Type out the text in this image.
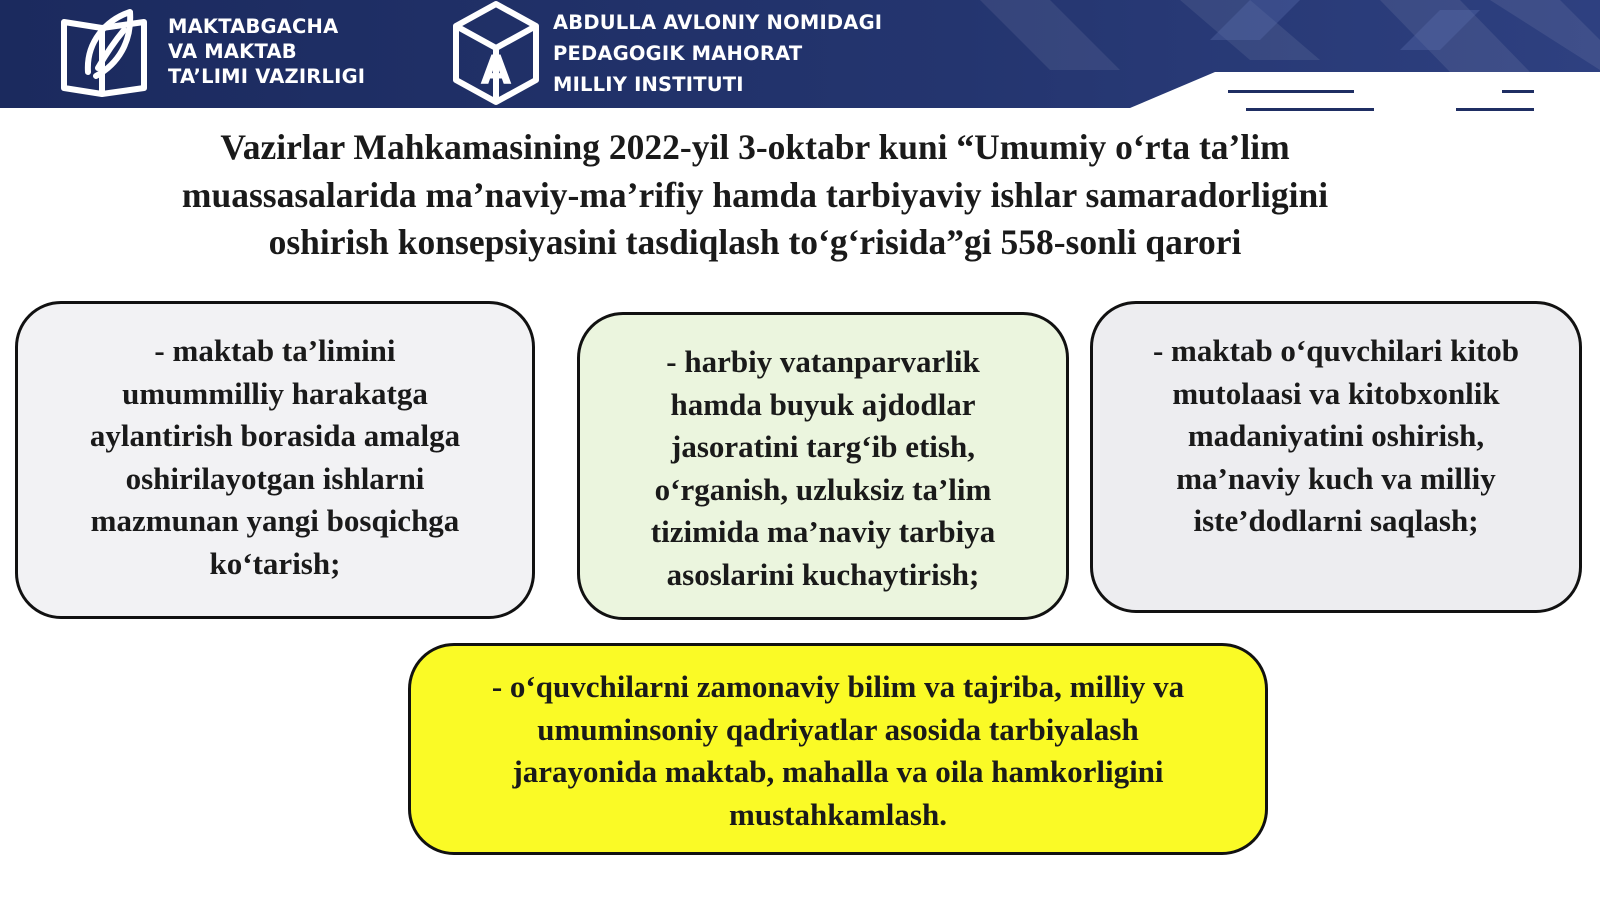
MAKTABGACHA
VA MAKTAB
TA’LIMI VAZIRLIGI	A
ABDULLA AVLONIY NOMIDAGI
PEDAGOGIK MAHORAT
MILLIY INSTITUTI
Vazirlar Mahkamasining 2022-yil 3-oktabr kuni “Umumiy o‘rta ta’lim
muassasalarida ma’naviy-ma’rifiy hamda tarbiyaviy ishlar samaradorligini
oshirish konsepsiyasini tasdiqlash to‘g‘risida”gi 558-sonli qarori
- maktab ta’limini
umummilliy harakatga
aylantirish borasida amalga
oshirilayotgan ishlarni
mazmunan yangi bosqichga
ko‘tarish;
- harbiy vatanparvarlik
hamda buyuk ajdodlar
jasoratini targ‘ib etish,
o‘rganish, uzluksiz ta’lim
tizimida ma’naviy tarbiya
asoslarini kuchaytirish;
- maktab o‘quvchilari kitob
mutolaasi va kitobxonlik
madaniyatini oshirish,
ma’naviy kuch va milliy
iste’dodlarni saqlash;
- o‘quvchilarni zamonaviy bilim va tajriba, milliy va
umuminsoniy qadriyatlar asosida tarbiyalash
jarayonida maktab, mahalla va oila hamkorligini
mustahkamlash.
